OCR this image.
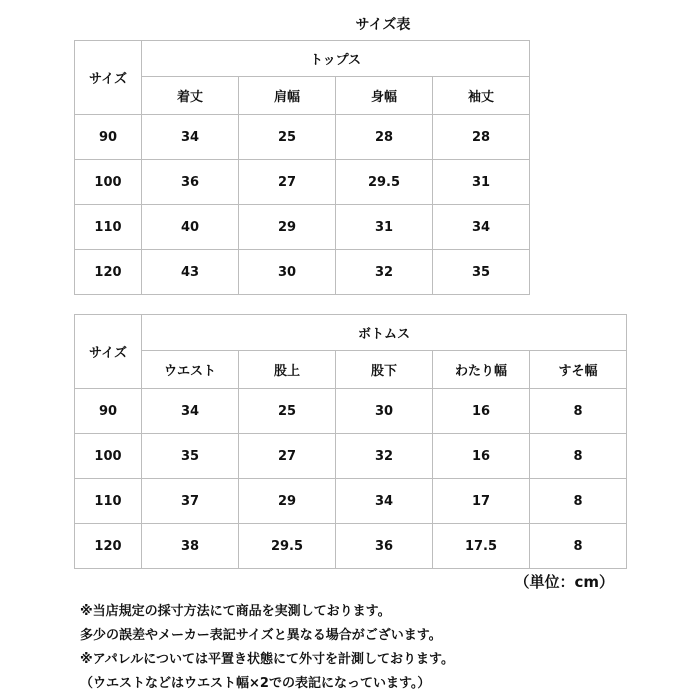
サイズ表
サイズ	トップス			
	着丈	肩幅	身幅	袖丈
90	34	25	28	28
100	36	27	29.5	31
110	40	29	31	34
120	43	30	32	35
サイズ	ボトムス				
	ウエスト	股上	股下	わたり幅	すそ幅
90	34	25	30	16	8
100	35	27	32	16	8
110	37	29	34	17	8
120	38	29.5	36	17.5	8
（単位：cm）
※当店規定の採寸方法にて商品を実測しております。
多少の誤差やメーカー表記サイズと異なる場合がございます。
※アパレルについては平置き状態にて外寸を計測しております。
（ウエストなどはウエスト幅×2での表記になっています。）
